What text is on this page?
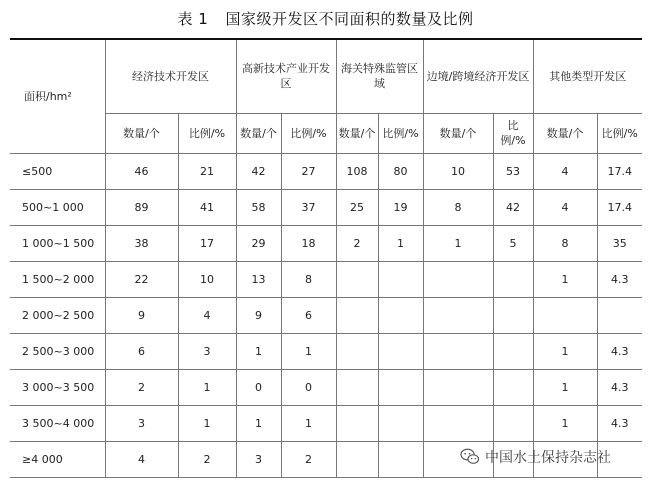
表 1 国家级开发区不同面积的数量及比例
面积/hm²	经济技术开发区		高新技术产业开发区		海关特殊监管区域		边境/跨境经济开发区		其他类型开发区	
	数量/个	比例/%	数量/个	比例/%	数量/个	比例/%	数量/个	比例/%	数量/个	比例/%
≤500	46	21	42	27	108	80	10	53	4	17.4
500~1 000	89	41	58	37	25	19	8	42	4	17.4
1 000~1 500	38	17	29	18	2	1	1	5	8	35
1 500~2 000	22	10	13	8					1	4.3
2 000~2 500	9	4	9	6						
2 500~3 000	6	3	1	1					1	4.3
3 000~3 500	2	1	0	0					1	4.3
3 500~4 000	3	1	1	1					1	4.3
≥4 000	4	2	3	2							中国水土保持杂志社
